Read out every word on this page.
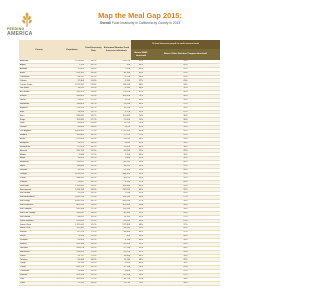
FEEDING
AMERICA
Map the Meal Gap 2015:
Overall Food Insecurity in California by County in 2013
County	Population	Food Insecurity Rate	Estimated Number Food Insecure Individuals	% food insecure people in each income band	
				Below SNAP threshold	Above Other Nutrition Program threshold
Alameda	1,578,891	14.2%	224,210	52%	31%
Alpine	1,159	16.7%	190	58%	42%
Amador	37,001	14.4%	5,320	59%	41%
Butte	220,101	18.3%	40,190	63%	37%
Calaveras	44,517	15.1%	6,720	58%	42%
Colusa	21,304	15.6%	3,330	57%	43%
Contra Costa	1,079,597	13.8%	149,410	48%	34%
Del Norte	28,295	19.2%	5,430	68%	32%
El Dorado	180,561	13.0%	23,520	52%	48%
Fresno	939,605	19.5%	183,500	70%	30%
Glenn	28,037	17.5%	4,910	65%	35%
Humboldt	134,809	18.7%	25,240	63%	37%
Imperial	174,528	20.2%	35,290	72%	28%
Inyo	18,546	14.7%	2,720	53%	47%
Kern	839,631	18.1%	151,660	70%	30%
Kings	152,982	17.7%	27,020	70%	30%
Lake	64,665	20.4%	13,170	70%	30%
Lassen	34,895	16.8%	5,870	61%	39%
Los Angeles	9,893,481	17.3%	1,711,550	63%	28%
Madera	150,865	18.3%	27,570	71%	29%
Marin	252,409	11.3%	28,510	46%	54%
Mariposa	18,251	16.6%	3,030	61%	39%
Mendocino	87,428	18.2%	15,920	64%	36%
Merced	255,793	19.3%	49,370	72%	28%
Modoc	9,686	17.5%	1,700	65%	35%
Mono	14,202	13.2%	1,880	50%	50%
Monterey	415,057	15.5%	64,330	60%	40%
Napa	136,484	12.4%	16,920	49%	51%
Nevada	98,764	13.3%	13,140	52%	48%
Orange	3,010,232	12.9%	388,320	51%	33%
Placer	348,432	11.5%	40,070	45%	55%
Plumas	20,007	16.2%	3,240	57%	43%
Riverside	2,189,641	16.6%	363,480	63%	28%
Sacramento	1,418,788	16.6%	235,520	60%	32%
San Benito	55,269	13.1%	7,240	55%	45%
San Bernardino	2,035,210	17.4%	354,130	65%	27%
San Diego	3,095,313	14.7%	455,010	57%	35%
San Francisco	805,235	13.4%	107,900	50%	50%
San Joaquin	685,306	17.5%	119,930	66%	34%
San Luis Obispo	269,637	14.9%	40,180	55%	45%
San Mateo	718,451	10.9%	78,310	43%	57%
Santa Barbara	423,895	15.4%	65,280	59%	41%
Santa Clara	1,781,642	12.2%	217,360	46%	37%
Santa Cruz	262,382	14.6%	38,310	55%	45%
Shasta	177,223	17.2%	30,480	63%	37%
Sierra	3,240	15.3%	500	60%	40%
Siskiyou	44,900	18.1%	8,130	66%	34%
Solano	413,344	14.9%	61,590	55%	45%
Sonoma	483,878	14.0%	67,740	54%	46%
Stanislaus	514,453	17.8%	91,570	67%	33%
Sutter	94,737	17.4%	16,480	66%	34%
Tehama	63,463	18.5%	11,740	68%	32%
Trinity	13,786	19.2%	2,650	66%	34%
Tulare	442,179	19.7%	87,110	74%	26%
Tuolumne	55,365	15.9%	8,800	59%	41%
Ventura	823,318	13.5%	111,150	53%	47%
Yolo	200,849	17.3%	34,750	62%	38%
Yuba	72,155	19.0%	13,710	70%	30%
